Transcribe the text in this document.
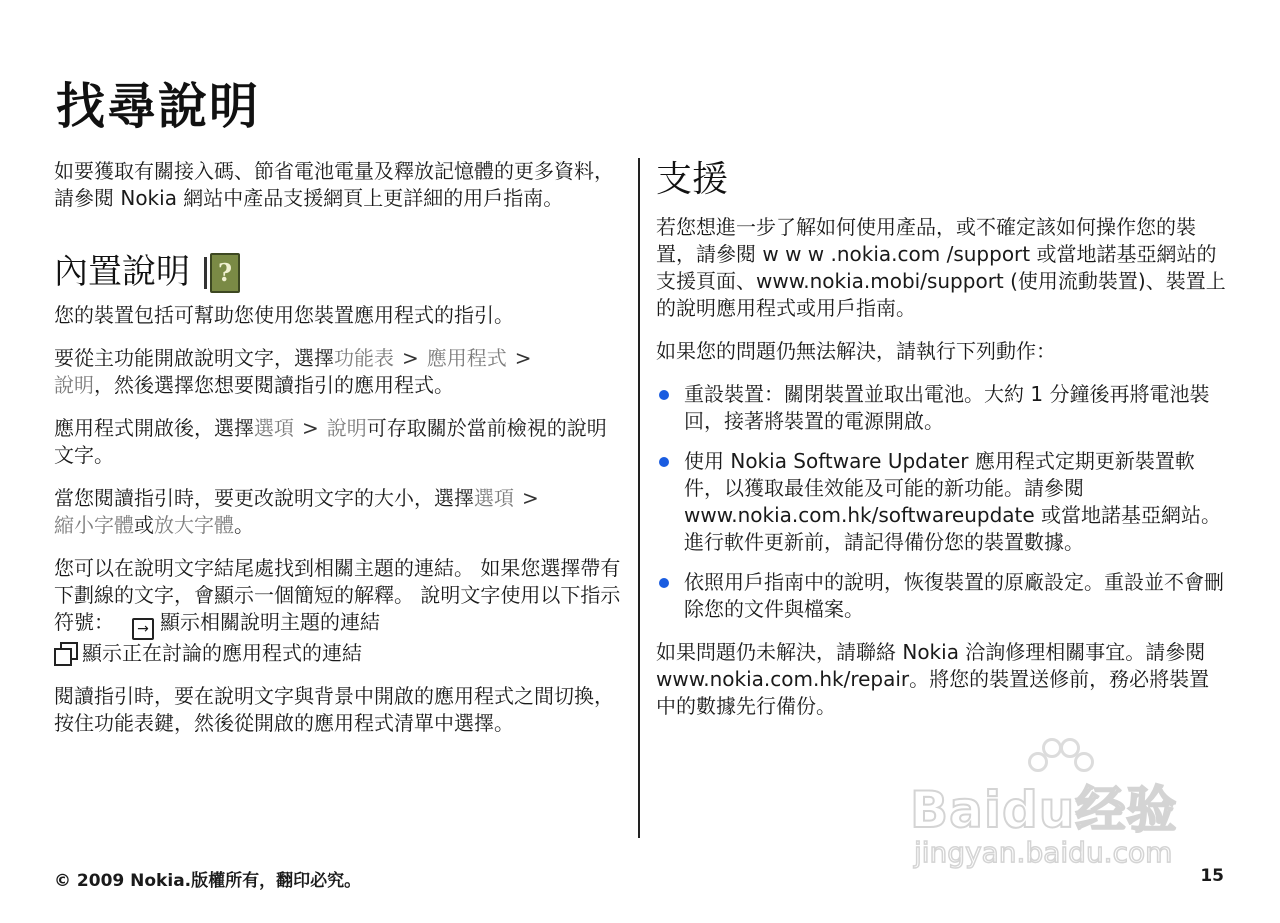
找尋說明

如要獲取有關接入碼、節省電池電量及釋放記憶體的更多資料，請參閱 Nokia 網站中產品支援網頁上更詳細的用戶指南。

內置說明	?

您的裝置包括可幫助您使用您裝置應用程式的指引。

要從主功能開啟說明文字，選擇功能表 > 應用程式 >
說明，然後選擇您想要閱讀指引的應用程式。

應用程式開啟後，選擇選項 > 說明可存取關於當前檢視的說明文字。

當您閱讀指引時，要更改說明文字的大小，選擇選項 >
縮小字體或放大字體。

您可以在說明文字結尾處找到相關主題的連結。 如果您選擇帶有下劃線的文字，會顯示一個簡短的解釋。 說明文字使用以下指示符號： → 顯示相關說明主題的連結

顯示正在討論的應用程式的連結

閱讀指引時，要在說明文字與背景中開啟的應用程式之間切換，按住功能表鍵，然後從開啟的應用程式清單中選擇。

支援

若您想進一步了解如何使用產品，或不確定該如何操作您的裝置，請參閱 w w w .nokia.com /support 或當地諾基亞網站的支援頁面、www.nokia.mobi/support (使用流動裝置)、裝置上的說明應用程式或用戶指南。

如果您的問題仍無法解決，請執行下列動作：

重設裝置：關閉裝置並取出電池。大約 1 分鐘後再將電池裝回，接著將裝置的電源開啟。
使用 Nokia Software Updater 應用程式定期更新裝置軟件，以獲取最佳效能及可能的新功能。請參閱 www.nokia.com.hk/softwareupdate 或當地諾基亞網站。進行軟件更新前，請記得備份您的裝置數據。
依照用戶指南中的說明，恢復裝置的原廠設定。重設並不會刪除您的文件與檔案。

如果問題仍未解決，請聯絡 Nokia 洽詢修理相關事宜。請參閱 www.nokia.com.hk/repair。將您的裝置送修前，務必將裝置中的數據先行備份。

© 2009 Nokia.版權所有，翻印必究。	15
Baidu经验
jingyan.baidu.com
